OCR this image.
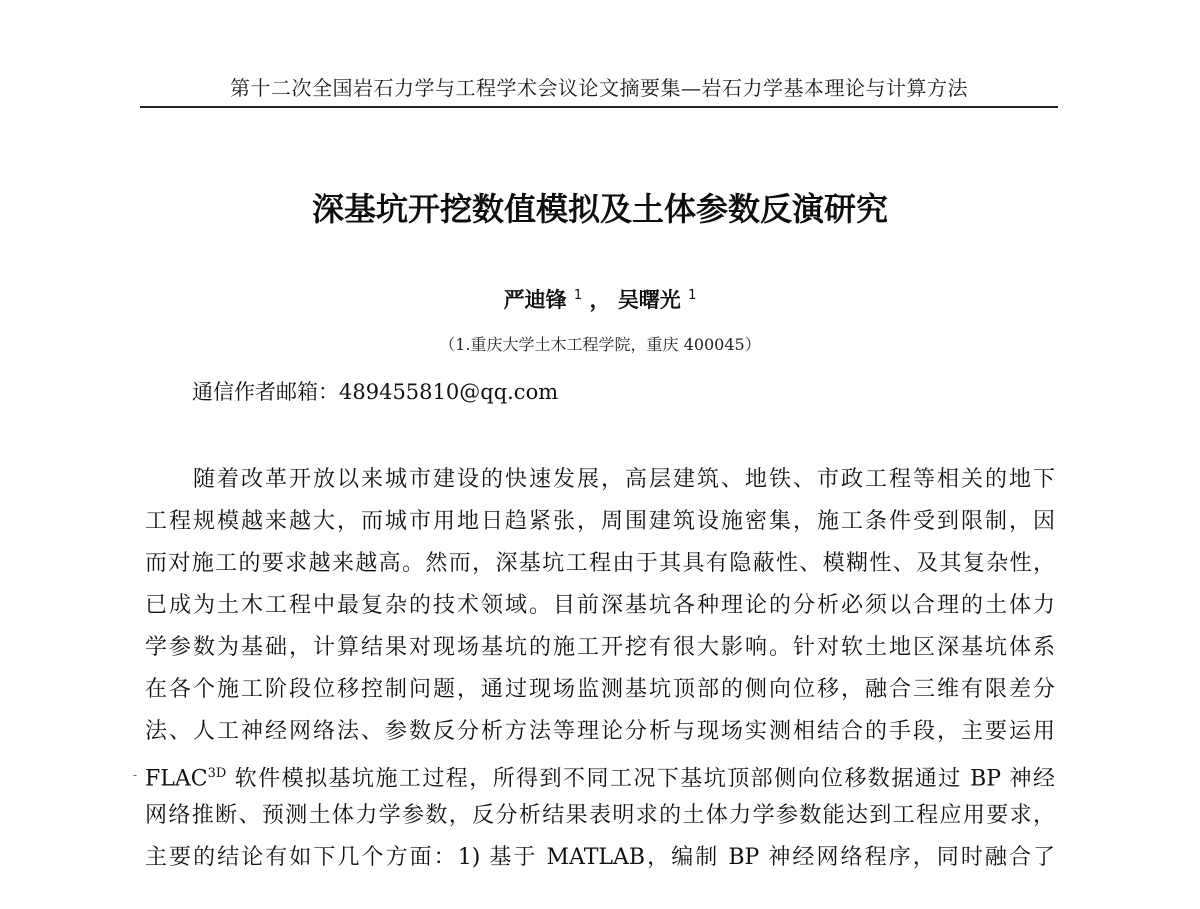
第十二次全国岩石力学与工程学术会议论文摘要集—岩石力学基本理论与计算方法
深基坑开挖数值模拟及土体参数反演研究
严迪锋 $^1$ ， 吴曙光 $^1$
（1.重庆大学土木工程学院，重庆 400045）
通信作者邮箱：489455810@qq.com
-
随着改革开放以来城市建设的快速发展，高层建筑、地铁、市政工程等相关的地下
工程规模越来越大，而城市用地日趋紧张，周围建筑设施密集，施工条件受到限制，因
而对施工的要求越来越高。然而，深基坑工程由于其具有隐蔽性、模糊性、及其复杂性，
已成为土木工程中最复杂的技术领域。目前深基坑各种理论的分析必须以合理的土体力
学参数为基础，计算结果对现场基坑的施工开挖有很大影响。针对软土地区深基坑体系
在各个施工阶段位移控制问题，通过现场监测基坑顶部的侧向位移，融合三维有限差分
法、人工神经网络法、参数反分析方法等理论分析与现场实测相结合的手段，主要运用
$FLAC^{3D}$ 软件模拟基坑施工过程，所得到不同工况下基坑顶部侧向位移数据通过 BP 神经
网络推断、预测土体力学参数，反分析结果表明求的土体力学参数能达到工程应用要求，
主要的结论有如下几个方面：1) 基于 MATLAB，编制 BP 神经网络程序，同时融合了
